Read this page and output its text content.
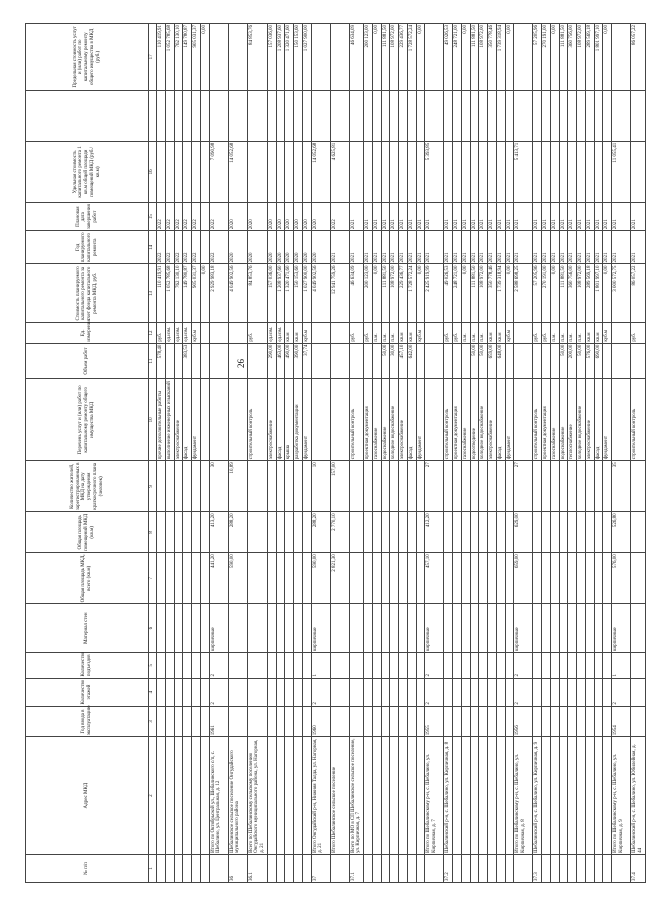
26
№ п/п	Адрес МКД	Год ввода в эксплуатацию	Количество этажей	Количество подъездов	Материал стен	Общая площадь МКД, всего (кв.м)	Общая площадь помещений МКД (кв.м)	Количество жителей, зарегистрированных в МКД на дату утверждения краткосрочного плана (человек)	Перечень услуг и (или) работ по капитальному ремонту общего имущества МКД	Объем работ	Ед. измерения	Стоимость планируемого капитального ремонта за счет фонда капитального ремонта МКД, руб.	Год планируемого капитального ремонта	Плановая дата завершения работ	Удельная стоимость капитального ремонта 1 кв.м общей площади помещений МКД (руб./кв.м)		Предельная стоимость услуг и (или) работ по капитальному ремонту общего имущества в МКД (руб.)
1	2	3	4	5	6	7	8	9	10	11	12	13	14	15	16		17
									прочие дополнительные работы	578,40	руб.	110 419,91	2022	2022			110 419,91
									выполнение инженерных изысканий		ед.изм.	1 052 785,68	2022	2022			1 052 785,68
									электроснабжение		ед.изм.	762 130,10	2022	2022			762 130,10
									фасад	383,53	ед.изм.	149 780,87	2022	2022			149 780,87
									фундамент		куб.м	905 031,37	2022	2022			905 031,37
												0,00					0,00
	Итого по Октябрьской ул., Шебалинского с/п, с. Шебалино, ул. Центральная, д. 12	1961	2	2	кирпичные	441,20	413,20	30				2 929 983,18	2022	2022	7 090,98		
36	Шебалинское сельское поселение Онгудайского муниципального района					590,00	288,20	10,89				4 049 902,56	2020	2020	14 052,68		
36.1	Всего по Шебалинскому сельскому поселению Онгудайского муниципального района, ул. Нагорная, д. 21								строительный контроль		руб.	84 853,76	2020	2020			84 853,76
									электроснабжение	290,00	ед.изм.	157 036,00	2020	2020			157 036,00
									фасад	463,00	ед.изм.	1 208 937,60	2020	2020			1 208 937,60
									крыша	490,00	кв.м	1 320 471,60	2020	2020			1 320 471,60
									разработка документации	390,00	кв.м	150 153,60	2020	2020			150 153,60
									фундамент	37,74	куб.м	1 027 900,00	2020	2020			1 027 900,00
37	Итого Онгудайский р-н, Нижняя Талда, ул. Нагорная, д. 21	1960	2	1	кирпичные	590,00	288,20	10				4 049 902,56	2020	2020	14 052,68		
	Итого Шебалинское сельское поселение					2 821,30	2 770,10	157,00				12 941 759,26	2021	2022	4 625,81		
37.1	Всего по МО в СП Шебалинское сельское поселение, ул. Кирпичная, д. 7								строительный контроль		руб.	46 634,09	2021	2021			46 634,09
									проектная документация		руб.	200 123,00	2021	2021			200 123,00
									газоснабжение		п.м.	0,00	2021	2021			0,00
									водоснабжение	50,00	п.м.	111 881,50	2021	2021			111 881,50
									холодное водоснабжение	30,00	п.м.	108 972,00	2021	2021			108 972,00
									электроснабжение	457,10	кв.м	229 436,77	2021	2021			229 436,77
									фасад	642,00	кв.м	1 728 572,24	2021	2021			1 728 572,24
									фундамент		куб.м	0,00	2021	2021			0,00
	Итого по Шебалинскому р-н, с. Шебалино, ул. Кирпичная, д. 7	1955	2	2	кирпичные	457,10	412,20	27				2 425 919,99	2021	2021	5 393,85		
37.2	Шебалинский р-н, с. Шебалино, ул. Кирпичная, д. 8								строительный контроль		руб.	49 026,53	2021	2021			49 026,53
									проектная документация		руб.	248 721,00	2021	2021			248 721,00
									газоснабжение		п.м.	0,00	2021	2021			0,00
									водоотведение	50,00	п.м.	111 881,50	2021	2021			111 881,50
									холодное водоснабжение	50,00	п.м.	108 972,00	2021	2021			108 972,00
									электроснабжение	659,00	кв.м	350 778,46	2021	2021			350 778,46
									фасад	648,00	кв.м	1 739 318,94	2021	2021			1 739 318,94
									фундамент		куб.м	0,00	2021	2021			0,00
	Итого по Шебалинскому р-н, с. Шебалино, ул. Кирпичная, д. 8	1956	2	2	кирпичные	659,00	629,00	27				2 588 698,25	2021	2021	5 413,71		
37.3	Шебалинский р-н, с. Шебалино, ул. Кирпичная, д. 9								строительный контроль		руб.	57 205,96	2021	2021			57 205,96
									проектная документация		руб.	270 191,00	2021	2021			270 191,00
									газоснабжение		п.м.	0,00	2021	2021			0,00
									водоснабжение	50,00	п.м.	111 881,50	2021	2021			111 881,50
									теплоснабжение	200,00	п.м.	360 756,00	2021	2021			360 756,00
									холодное водоснабжение	50,00	п.м.	108 972,00	2021	2021			108 972,00
									электроснабжение	576,00	кв.м	289 569,18	2021	2021			289 569,18
									фасад	690,00	кв.м	1 801 997,10	2021	2021			1 801 997,10
									фундамент		куб.м	0,00	2021	2021			0,00
	Итого по Шебалинскому р-н, с. Шебалино, ул. Кирпичная, д. 9	1954	2	1	кирпичные	576,00	526,80	35				3 000 572,75	2021	2021	11 055,41		
37.4	Шебалинский р-н, с. Шебалино, ул. Юбилейная, д. 44								строительный контроль		руб.	86 057,22	2021	2021			86 057,22
